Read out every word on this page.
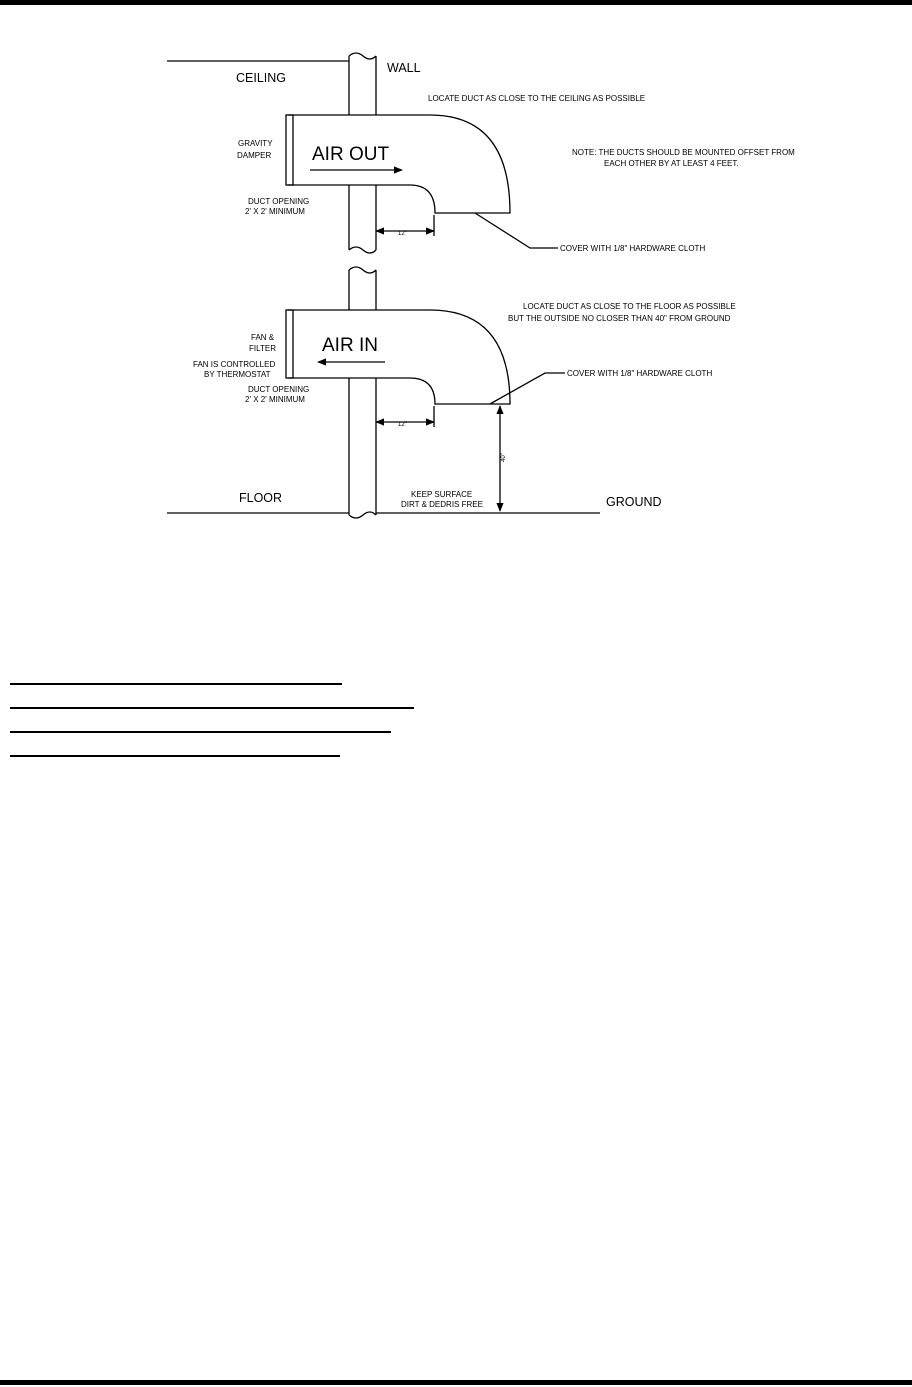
CEILING
WALL
LOCATE DUCT AS CLOSE TO THE CEILING AS POSSIBLE
GRAVITY
DAMPER AIR OUT	NOTE: THE DUCTS SHOULD BE MOUNTED OFFSET FROM
EACH OTHER BY AT LEAST 4 FEET.
DUCT OPENING
2' X 2' MINIMUM
12"
COVER WITH 1/8" HARDWARE CLOTH
LOCATE DUCT AS CLOSE TO THE FLOOR AS POSSIBLE
BUT THE OUTSIDE NO CLOSER THAN 40" FROM GROUND
FAN &
FILTER AIR IN
FAN IS CONTROLLED
BY THERMOSTAT	COVER WITH 1/8" HARDWARE CLOTH
DUCT OPENING
2' X 2' MINIMUM
12"
40"
FLOOR	KEEP SURFACE
DIRT & DEDRIS FREE	GROUND
